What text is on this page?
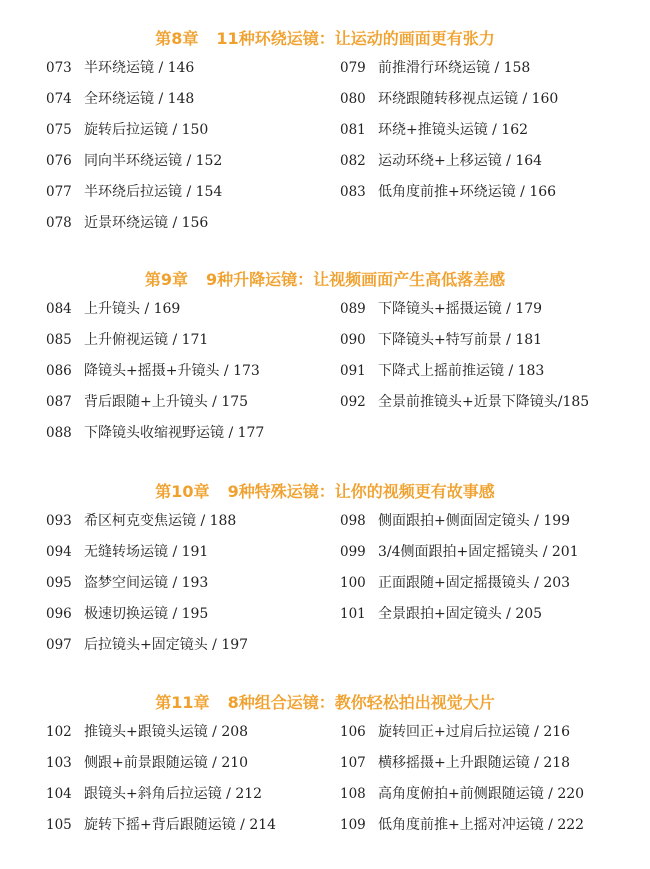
第8章 11种环绕运镜：让运动的画面更有张力
073 半环绕运镜 / 146
074 全环绕运镜 / 148
075 旋转后拉运镜 / 150
076 同向半环绕运镜 / 152
077 半环绕后拉运镜 / 154
078 近景环绕运镜 / 156
079 前推滑行环绕运镜 / 158
080 环绕跟随转移视点运镜 / 160
081 环绕+推镜头运镜 / 162
082 运动环绕+上移运镜 / 164
083 低角度前推+环绕运镜 / 166
第9章 9种升降运镜：让视频画面产生高低落差感
084 上升镜头 / 169
085 上升俯视运镜 / 171
086 降镜头+摇摄+升镜头 / 173
087 背后跟随+上升镜头 / 175
088 下降镜头收缩视野运镜 / 177
089 下降镜头+摇摄运镜 / 179
090 下降镜头+特写前景 / 181
091 下降式上摇前推运镜 / 183
092 全景前推镜头+近景下降镜头/185
第10章 9种特殊运镜：让你的视频更有故事感
093 希区柯克变焦运镜 / 188
094 无缝转场运镜 / 191
095 盗梦空间运镜 / 193
096 极速切换运镜 / 195
097 后拉镜头+固定镜头 / 197
098 侧面跟拍+侧面固定镜头 / 199
099 3/4侧面跟拍+固定摇镜头 / 201
100 正面跟随+固定摇摄镜头 / 203
101 全景跟拍+固定镜头 / 205
第11章 8种组合运镜：教你轻松拍出视觉大片
102 推镜头+跟镜头运镜 / 208
103 侧跟+前景跟随运镜 / 210
104 跟镜头+斜角后拉运镜 / 212
105 旋转下摇+背后跟随运镜 / 214
106 旋转回正+过肩后拉运镜 / 216
107 横移摇摄+上升跟随运镜 / 218
108 高角度俯拍+前侧跟随运镜 / 220
109 低角度前推+上摇对冲运镜 / 222
